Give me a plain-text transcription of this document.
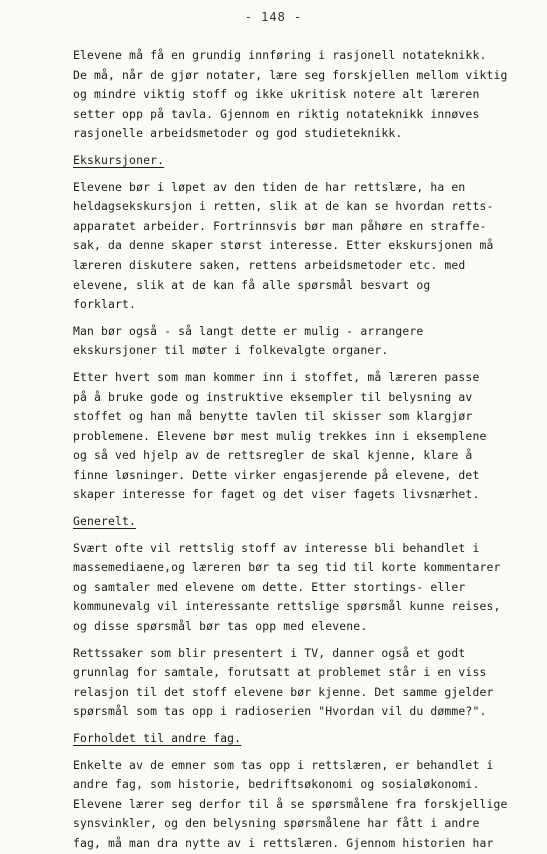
- 148 -
Elevene må få en grundig innføring i rasjonell notateknikk.
De må, når de gjør notater, lære seg forskjellen mellom viktig
og mindre viktig stoff og ikke ukritisk notere alt læreren
setter opp på tavla. Gjennom en riktig notateknikk innøves
rasjonelle arbeidsmetoder og god studieteknikk.
Ekskursjoner.
Elevene bør i løpet av den tiden de har rettslære, ha en
heldagsekskursjon i retten, slik at de kan se hvordan retts-
apparatet arbeider. Fortrinnsvis bør man påhøre en straffe-
sak, da denne skaper størst interesse. Etter ekskursjonen må
læreren diskutere saken, rettens arbeidsmetoder etc. med
elevene, slik at de kan få alle spørsmål besvart og
forklart.
Man bør også - så langt dette er mulig - arrangere
ekskursjoner til møter i folkevalgte organer.
Etter hvert som man kommer inn i stoffet, må læreren passe
på å bruke gode og instruktive eksempler til belysning av
stoffet og han må benytte tavlen til skisser som klargjør
problemene. Elevene bør mest mulig trekkes inn i eksemplene
og så ved hjelp av de rettsregler de skal kjenne, klare å
finne løsninger. Dette virker engasjerende på elevene, det
skaper interesse for faget og det viser fagets livsnærhet.
Generelt.
Svært ofte vil rettslig stoff av interesse bli behandlet i
massemediaene,og læreren bør ta seg tid til korte kommentarer
og samtaler med elevene om dette. Etter stortings- eller
kommunevalg vil interessante rettslige spørsmål kunne reises,
og disse spørsmål bør tas opp med elevene.
Rettssaker som blir presentert i TV, danner også et godt
grunnlag for samtale, forutsatt at problemet står i en viss
relasjon til det stoff elevene bør kjenne. Det samme gjelder
spørsmål som tas opp i radioserien "Hvordan vil du dømme?".
Forholdet til andre fag.
Enkelte av de emner som tas opp i rettslæren, er behandlet i
andre fag, som historie, bedriftsøkonomi og sosialøkonomi.
Elevene lærer seg derfor til å se spørsmålene fra forskjellige
synsvinkler, og den belysning spørsmålene har fått i andre
fag, må man dra nytte av i rettslæren. Gjennom historien har
